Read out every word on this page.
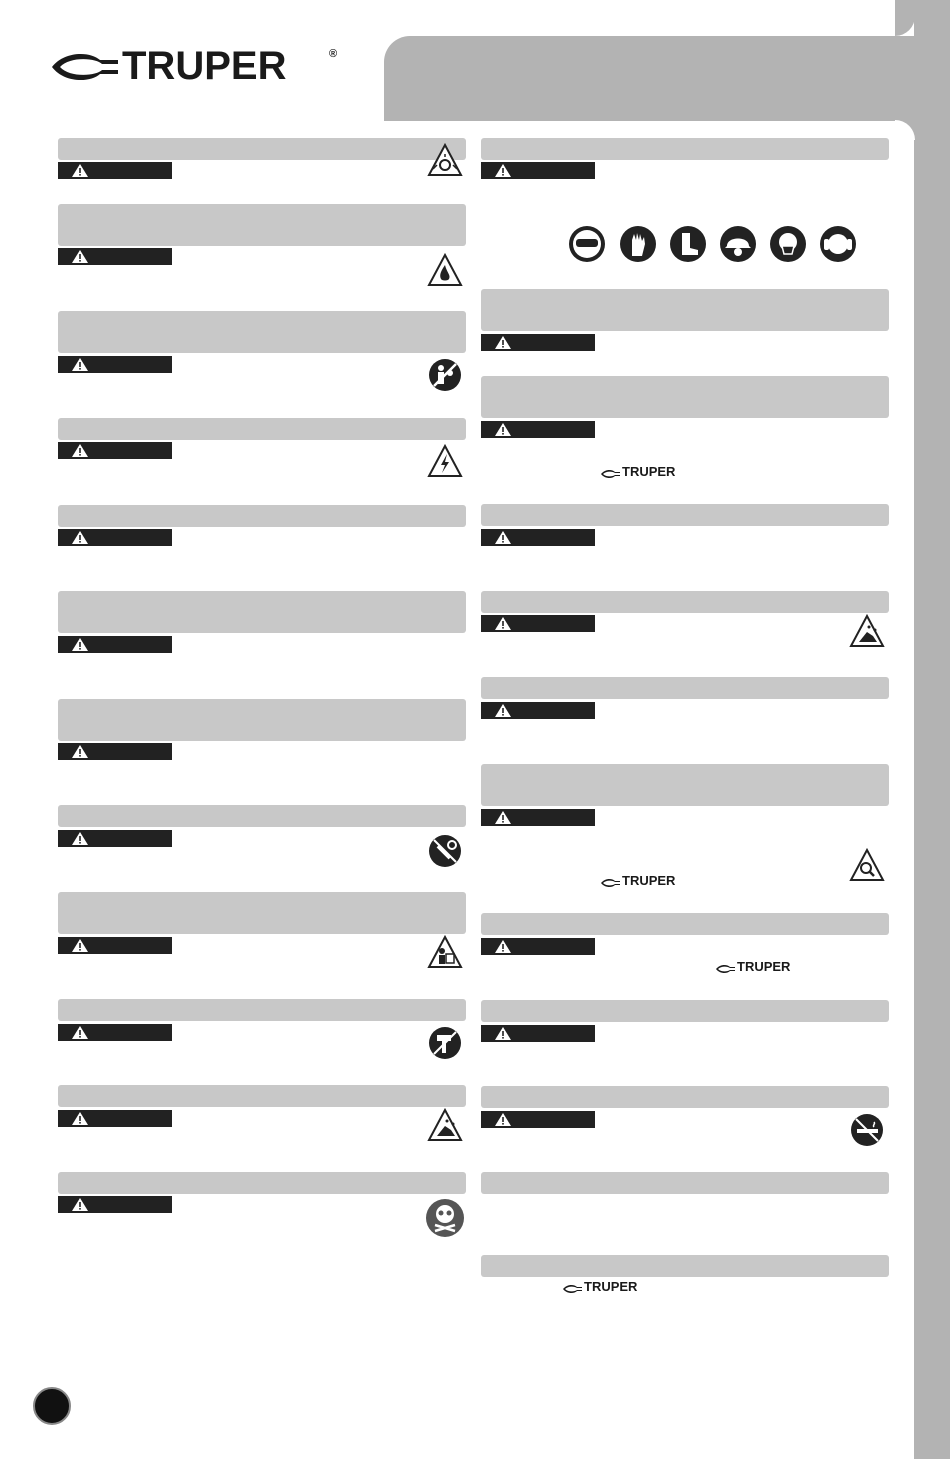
TRUPER	®
TRUPER
TRUPER
TRUPER
TRUPER
